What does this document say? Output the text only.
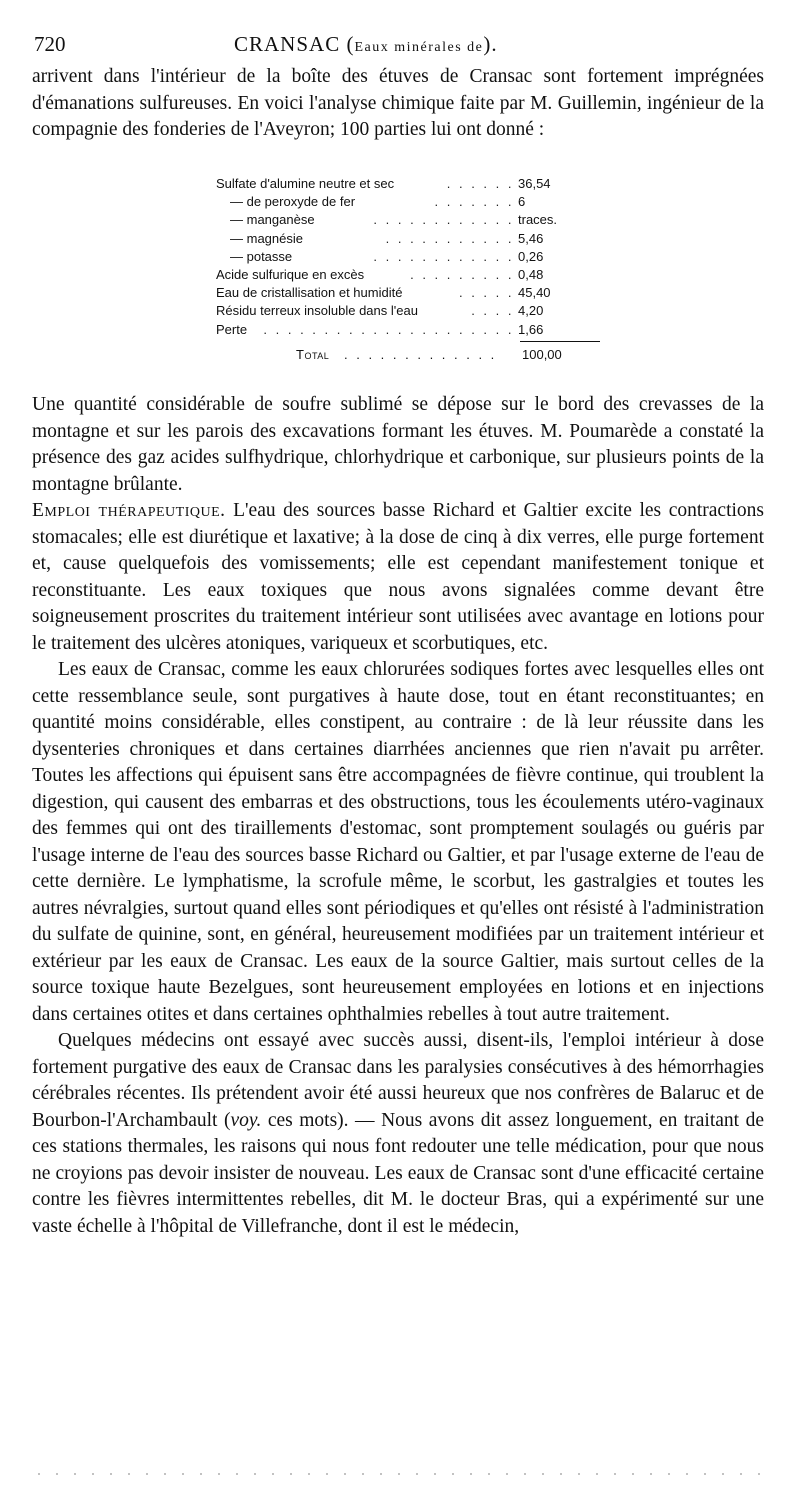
720	CRANSAC (Eaux minérales de).

arrivent dans l'intérieur de la boîte des étuves de Cransac sont fortement imprégnées d'émanations sulfureuses. En voici l'analyse chimique faite par M. Guillemin, ingénieur de la compagnie des fonderies de l'Aveyron; 100 parties lui ont donné :

Sulfate d'alumine neutre et sec	. . . . . . 36,54
— de peroxyde de fer	. . . . . . . 6
— manganèse	. . . . . . . . . . . . traces.
— magnésie	. . . . . . . . . . . 5,46
— potasse	. . . . . . . . . . . . 0,26
Acide sulfurique en excès	. . . . . . . . . 0,48
Eau de cristallisation et humidité	. . . . . 45,40
Résidu terreux insoluble dans l'eau	. . . . 4,20
Perte . . . . . . . . . . . . . . . . . . . . . 1,66
Total . . . . . . . . . . . . . 100,00

Une quantité considérable de soufre sublimé se dépose sur le bord des crevasses de la montagne et sur les parois des excavations formant les étuves. M. Poumarède a constaté la présence des gaz acides sulfhydrique, chlorhydrique et carbonique, sur plusieurs points de la montagne brûlante.

Emploi thérapeutique. L'eau des sources basse Richard et Galtier excite les contractions stomacales; elle est diurétique et laxative; à la dose de cinq à dix verres, elle purge fortement et, cause quelquefois des vomissements; elle est cependant manifestement tonique et reconstituante. Les eaux toxiques que nous avons signalées comme devant être soigneusement proscrites du traitement intérieur sont utilisées avec avantage en lotions pour le traitement des ulcères atoniques, variqueux et scorbutiques, etc.

Les eaux de Cransac, comme les eaux chlorurées sodiques fortes avec lesquelles elles ont cette ressemblance seule, sont purgatives à haute dose, tout en étant reconstituantes; en quantité moins considérable, elles constipent, au contraire : de là leur réussite dans les dysenteries chroniques et dans certaines diarrhées anciennes que rien n'avait pu arrêter. Toutes les affections qui épuisent sans être accompagnées de fièvre continue, qui troublent la digestion, qui causent des embarras et des obstructions, tous les écoulements utéro-vaginaux des femmes qui ont des tiraillements d'estomac, sont promptement soulagés ou guéris par l'usage interne de l'eau des sources basse Richard ou Galtier, et par l'usage externe de l'eau de cette dernière. Le lymphatisme, la scrofule même, le scorbut, les gastralgies et toutes les autres névralgies, surtout quand elles sont périodiques et qu'elles ont résisté à l'administration du sulfate de quinine, sont, en général, heureusement modifiées par un traitement intérieur et extérieur par les eaux de Cransac. Les eaux de la source Galtier, mais surtout celles de la source toxique haute Bezelgues, sont heureusement employées en lotions et en injections dans certaines otites et dans certaines ophthalmies rebelles à tout autre traitement.

Quelques médecins ont essayé avec succès aussi, disent-ils, l'emploi intérieur à dose fortement purgative des eaux de Cransac dans les paralysies consécutives à des hémorrhagies cérébrales récentes. Ils prétendent avoir été aussi heureux que nos confrères de Balaruc et de Bourbon-l'Archambault (voy. ces mots). — Nous avons dit assez longuement, en traitant de ces stations thermales, les raisons qui nous font redouter une telle médication, pour que nous ne croyions pas devoir insister de nouveau. Les eaux de Cransac sont d'une efficacité certaine contre les fièvres intermittentes rebelles, dit M. le docteur Bras, qui a expérimenté sur une vaste échelle à l'hôpital de Villefranche, dont il est le médecin,
